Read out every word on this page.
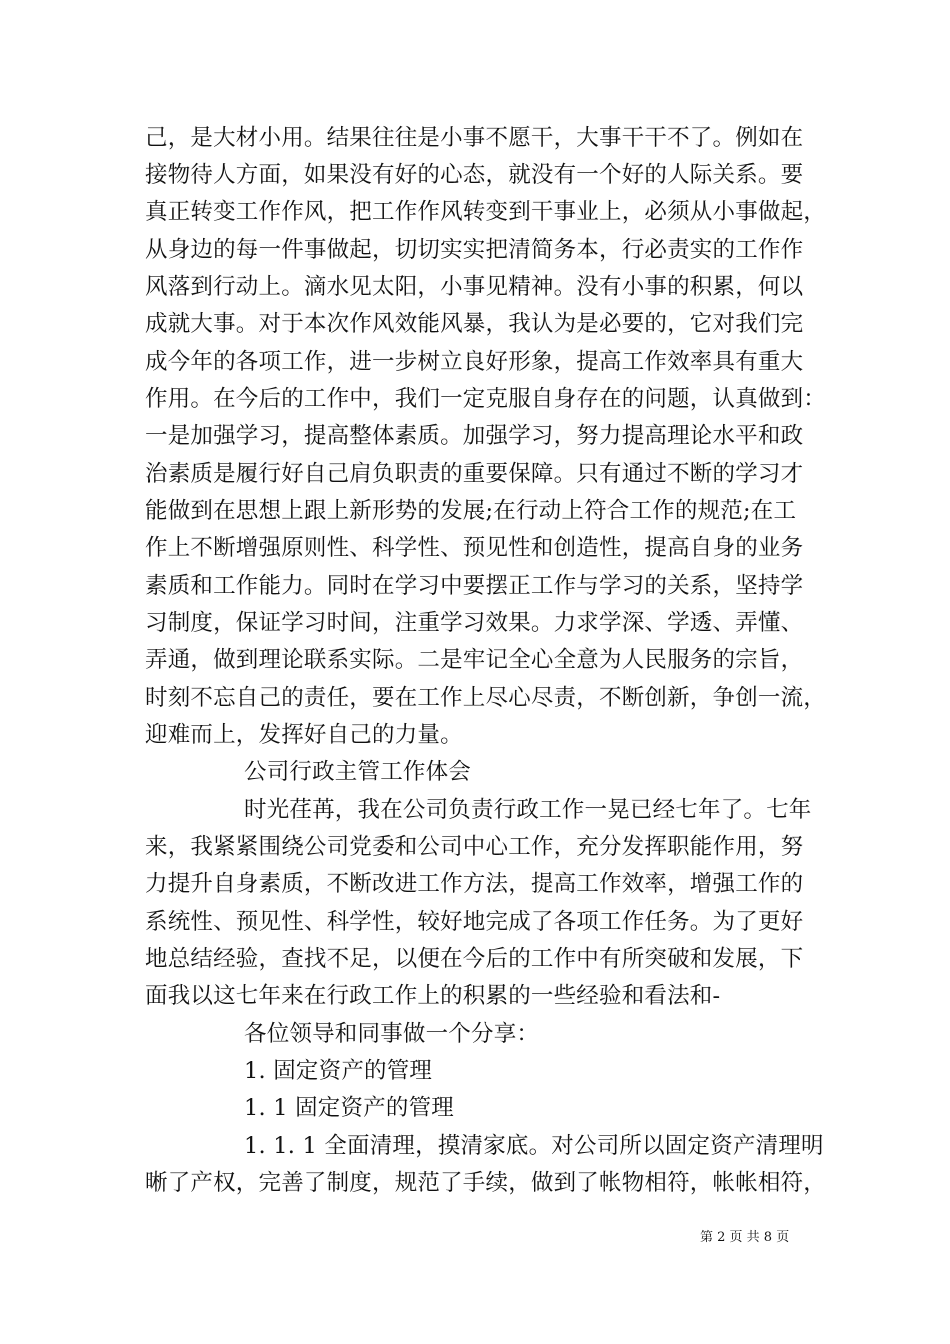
己，是大材小用。结果往往是小事不愿干，大事干干不了。例如在
接物待人方面，如果没有好的心态，就没有一个好的人际关系。要
真正转变工作作风，把工作作风转变到干事业上，必须从小事做起，
从身边的每一件事做起，切切实实把清简务本，行必责实的工作作
风落到行动上。滴水见太阳，小事见精神。没有小事的积累，何以
成就大事。对于本次作风效能风暴，我认为是必要的，它对我们完
成今年的各项工作，进一步树立良好形象，提高工作效率具有重大
作用。在今后的工作中，我们一定克服自身存在的问题，认真做到：
一是加强学习，提高整体素质。加强学习，努力提高理论水平和政
治素质是履行好自己肩负职责的重要保障。只有通过不断的学习才
能做到在思想上跟上新形势的发展;在行动上符合工作的规范;在工
作上不断增强原则性、科学性、预见性和创造性，提高自身的业务
素质和工作能力。同时在学习中要摆正工作与学习的关系，坚持学
习制度，保证学习时间，注重学习效果。力求学深、学透、弄懂、
弄通，做到理论联系实际。二是牢记全心全意为人民服务的宗旨，
时刻不忘自己的责任，要在工作上尽心尽责，不断创新，争创一流，
迎难而上，发挥好自己的力量。
公司行政主管工作体会
时光荏苒，我在公司负责行政工作一晃已经七年了。七年
来，我紧紧围绕公司党委和公司中心工作，充分发挥职能作用，努
力提升自身素质，不断改进工作方法，提高工作效率，增强工作的
系统性、预见性、科学性，较好地完成了各项工作任务。为了更好
地总结经验，查找不足，以便在今后的工作中有所突破和发展，下
面我以这七年来在行政工作上的积累的一些经验和看法和-
各位领导和同事做一个分享：
1. 固定资产的管理
1. 1 固定资产的管理
1. 1. 1 全面清理，摸清家底。对公司所以固定资产清理明
晰了产权，完善了制度，规范了手续，做到了帐物相符，帐帐相符，
第 2 页 共 8 页
